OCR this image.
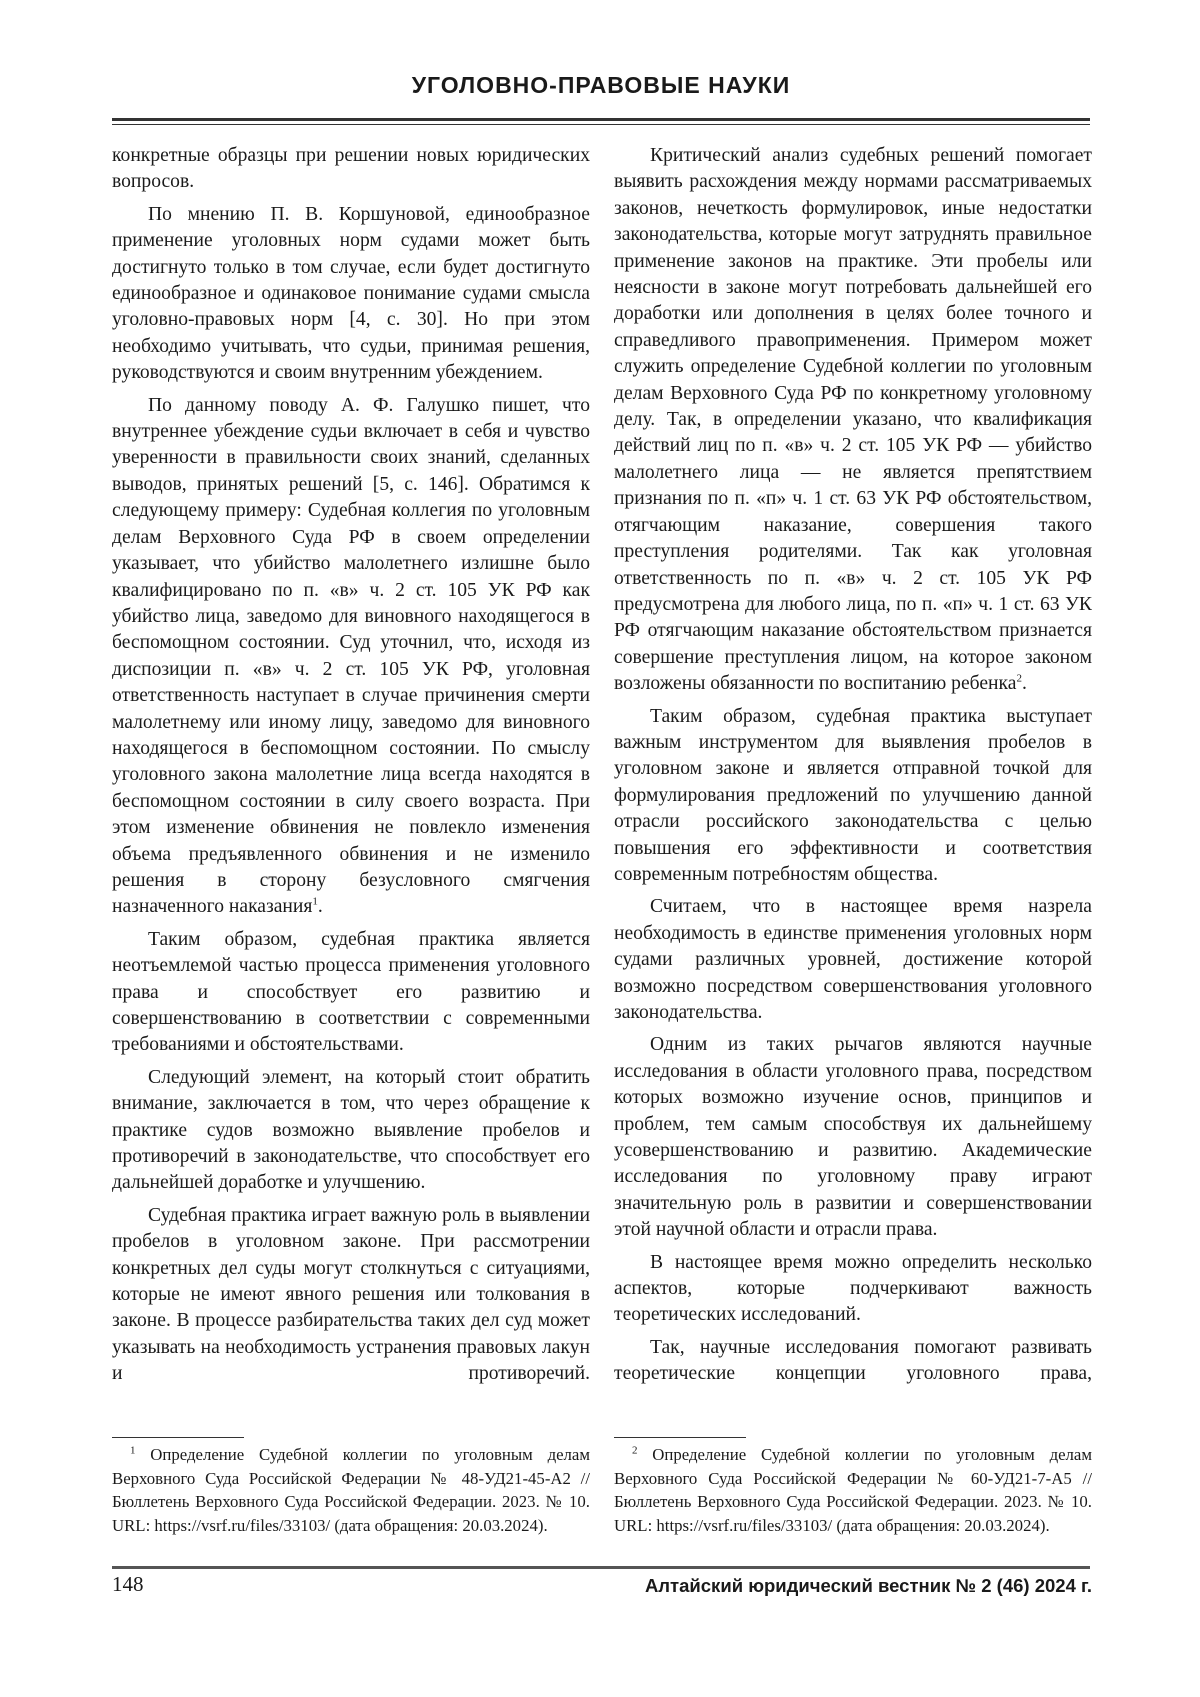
УГОЛОВНО-ПРАВОВЫЕ НАУКИ

конкретные образцы при решении новых юридических вопросов.

По мнению П. В. Коршуновой, единообразное применение уголовных норм судами может быть достигнуто только в том случае, если будет достигнуто единообразное и одинаковое понимание судами смысла уголовно-правовых норм [4, с. 30]. Но при этом необходимо учитывать, что судьи, принимая решения, руководствуются и своим внутренним убеждением.

По данному поводу А. Ф. Галушко пишет, что внутреннее убеждение судьи включает в себя и чувство уверенности в правильности своих знаний, сделанных выводов, принятых решений [5, с. 146]. Обратимся к следующему примеру: Судебная коллегия по уголовным делам Верховного Суда РФ в своем определении указывает, что убийство малолетнего излишне было квалифицировано по п. «в» ч. 2 ст. 105 УК РФ как убийство лица, заведомо для виновного находящегося в беспомощном состоянии. Суд уточнил, что, исходя из диспозиции п. «в» ч. 2 ст. 105 УК РФ, уголовная ответственность наступает в случае причинения смерти малолетнему или иному лицу, заведомо для виновного находящегося в беспомощном состоянии. По смыслу уголовного закона малолетние лица всегда находятся в беспомощном состоянии в силу своего возраста. При этом изменение обвинения не повлекло изменения объема предъявленного обвинения и не изменило решения в сторону безусловного смягчения назначенного наказания$^1$.

Таким образом, судебная практика является неотъемлемой частью процесса применения уголовного права и способствует его развитию и совершенствованию в соответствии с современными требованиями и обстоятельствами.

Следующий элемент, на который стоит обратить внимание, заключается в том, что через обращение к практике судов возможно выявление пробелов и противоречий в законодательстве, что способствует его дальнейшей доработке и улучшению.

Судебная практика играет важную роль в выявлении пробелов в уголовном законе. При рассмотрении конкретных дел суды могут столкнуться с ситуациями, которые не имеют явного решения или толкования в законе. В процессе разбирательства таких дел суд может указывать на необходимость устранения правовых лакун и противоречий.

Критический анализ судебных решений помогает выявить расхождения между нормами рассматриваемых законов, нечеткость формулировок, иные недостатки законодательства, которые могут затруднять правильное применение законов на практике. Эти пробелы или неясности в законе могут потребовать дальнейшей его доработки или дополнения в целях более точного и справедливого правоприменения. Примером может служить определение Судебной коллегии по уголовным делам Верховного Суда РФ по конкретному уголовному делу. Так, в определении указано, что квалификация действий лиц по п. «в» ч. 2 ст. 105 УК РФ — убийство малолетнего лица — не является препятствием признания по п. «п» ч. 1 ст. 63 УК РФ обстоятельством, отягчающим наказание, совершения такого преступления родителями. Так как уголовная ответственность по п. «в» ч. 2 ст. 105 УК РФ предусмотрена для любого лица, по п. «п» ч. 1 ст. 63 УК РФ отягчающим наказание обстоятельством признается совершение преступления лицом, на которое законом возложены обязанности по воспитанию ребенка$^2$.

Таким образом, судебная практика выступает важным инструментом для выявления пробелов в уголовном законе и является отправной точкой для формулирования предложений по улучшению данной отрасли российского законодательства с целью повышения его эффективности и соответствия современным потребностям общества.

Считаем, что в настоящее время назрела необходимость в единстве применения уголовных норм судами различных уровней, достижение которой возможно посредством совершенствования уголовного законодательства.

Одним из таких рычагов являются научные исследования в области уголовного права, посредством которых возможно изучение основ, принципов и проблем, тем самым способствуя их дальнейшему усовершенствованию и развитию. Академические исследования по уголовному праву играют значительную роль в развитии и совершенствовании этой научной области и отрасли права.

В настоящее время можно определить несколько аспектов, которые подчеркивают важность теоретических исследований.

Так, научные исследования помогают развивать теоретические концепции уголовного права,

$^1$ Определение Судебной коллегии по уголовным делам Верховного Суда Российской Федерации № 48-УД21-45-А2 // Бюллетень Верховного Суда Российской Федерации. 2023. № 10. URL: https://vsrf.ru/files/33103/ (дата обращения: 20.03.2024).
$^2$ Определение Судебной коллегии по уголовным делам Верховного Суда Российской Федерации № 60-УД21-7-А5 // Бюллетень Верховного Суда Российской Федерации. 2023. № 10. URL: https://vsrf.ru/files/33103/ (дата обращения: 20.03.2024).
148	Алтайский юридический вестник № 2 (46) 2024 г.
